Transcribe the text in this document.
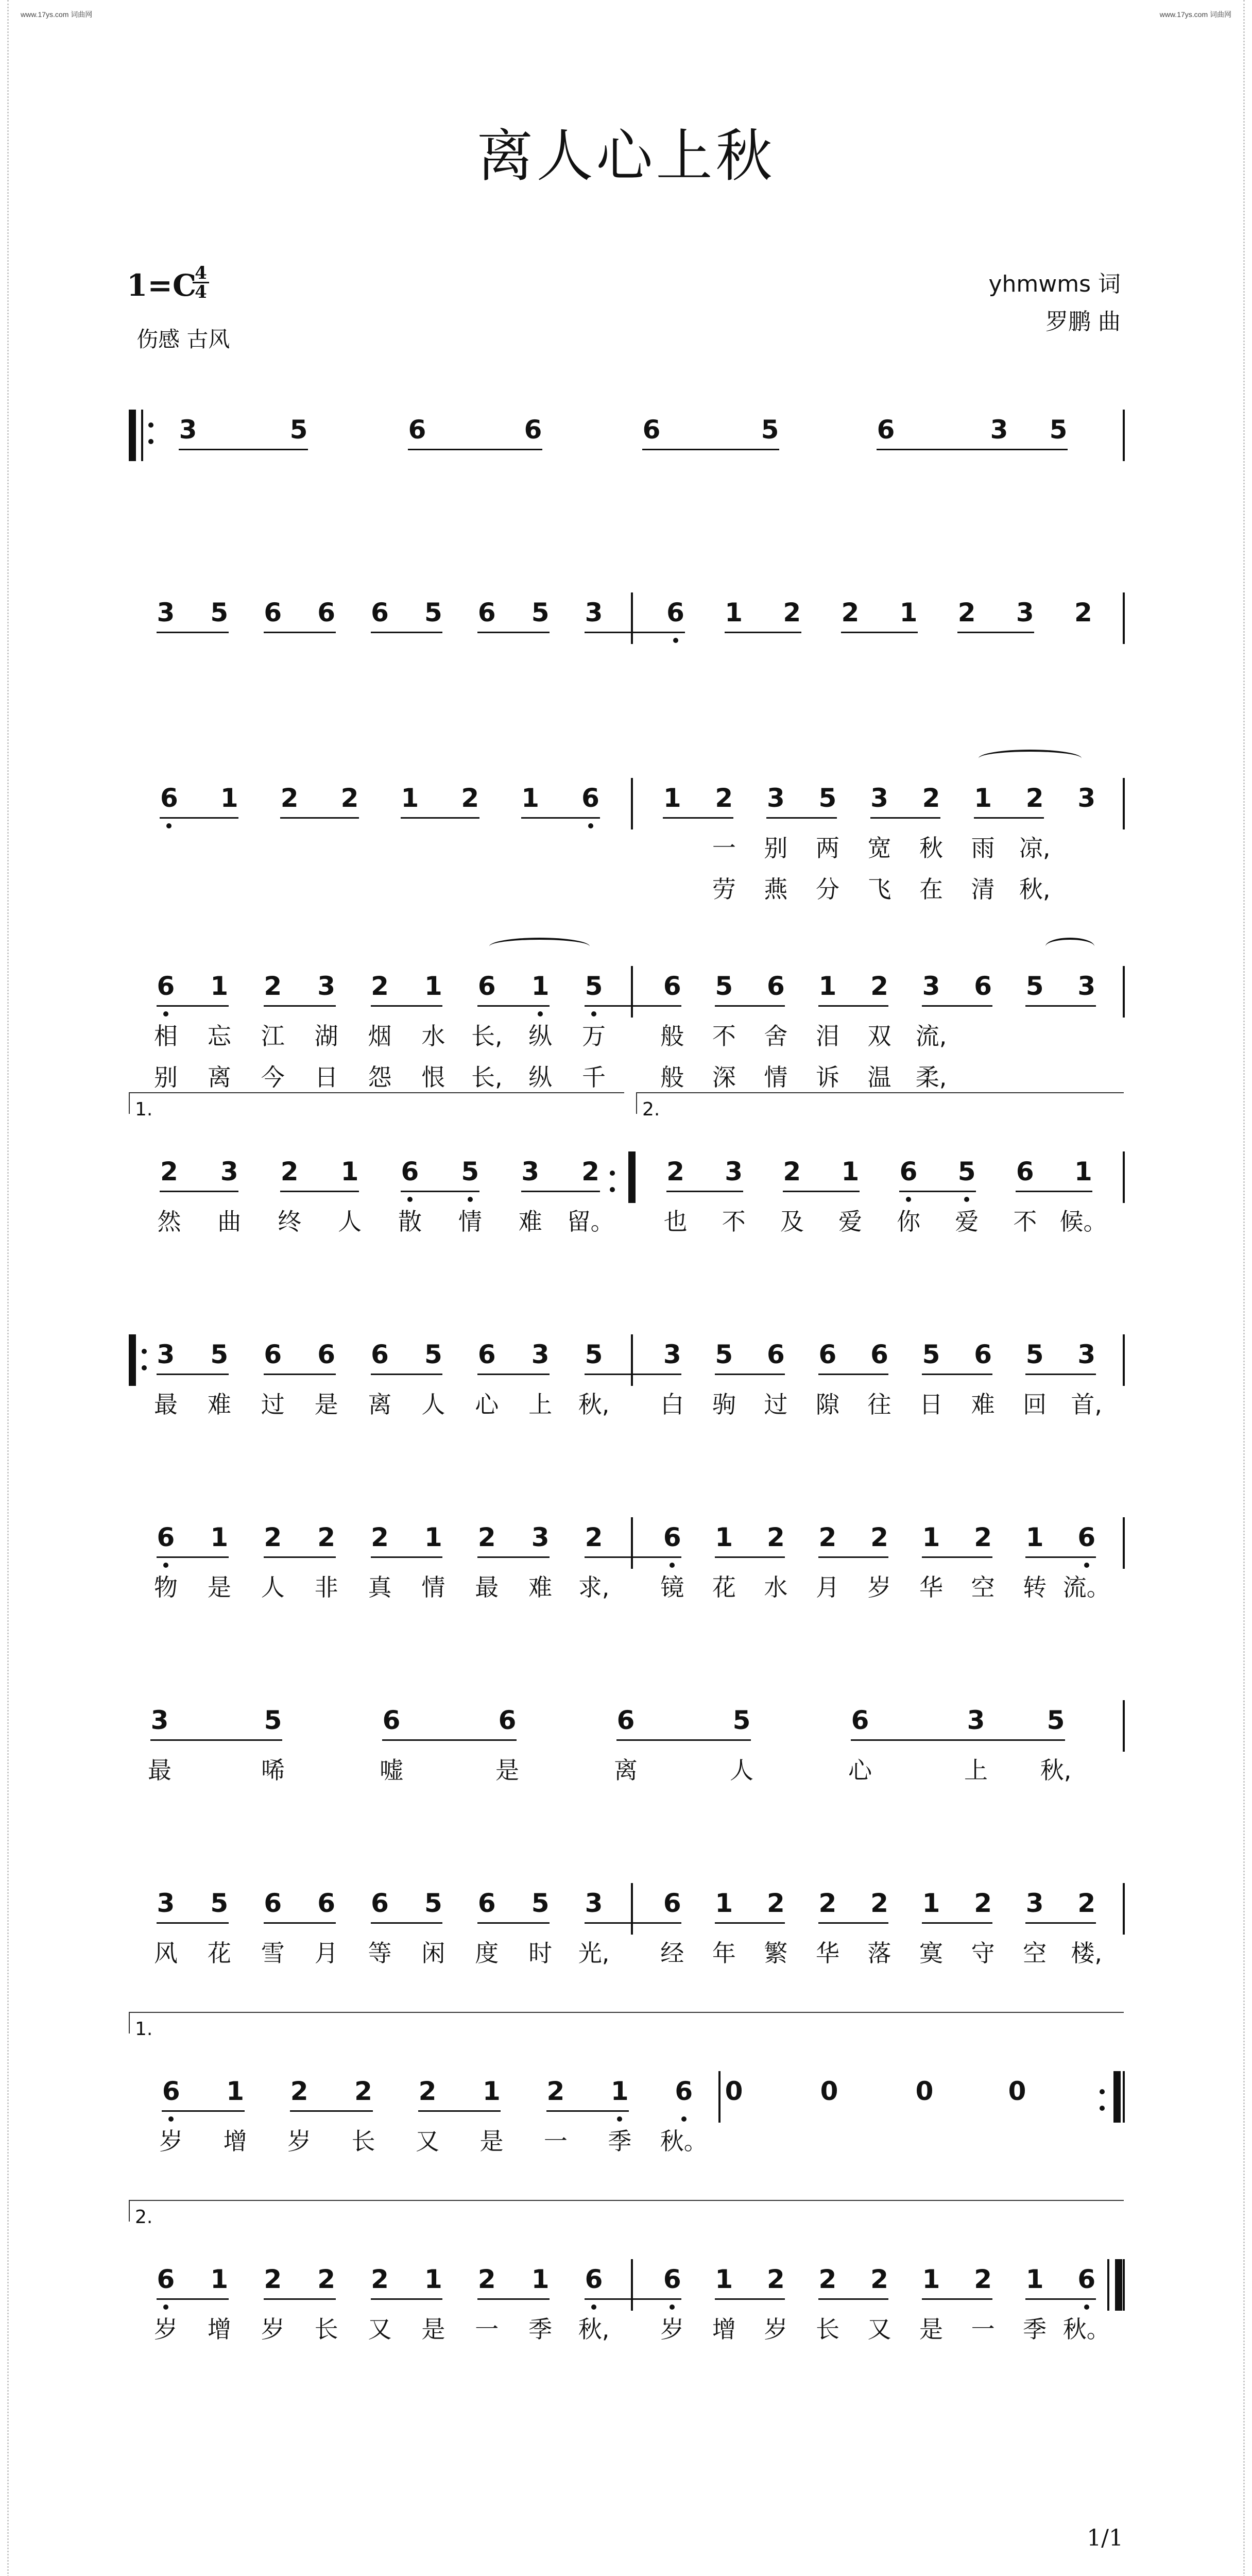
www.17ys.com 词曲网	www.17ys.com 词曲网
离人心上秋
1=C
4
4
伤感 古风
yhmwms 词
罗鹏 曲
3	5	6	6	6	5	6	3 5
3 5 6 6 6 5 6 5 3 6 1 2 2 1 2 3 2
6 1 2 2 1 2 1 6 1 2 3 5 3 2 1 2 3
一 别 两 宽 秋 雨 凉,
劳 燕 分 飞 在 清 秋,
6 1 2 3 2 1 6 1 5 6 5 6 1 2 3 6 5 3
相 忘 江 湖 烟 水 长, 纵 万 般 不 舍 泪 双 流,
别 离 今 日 怨 恨 长, 纵 千 般 深 情 诉 温 柔,
2 3 2 1 6 5 3 2	2 3 2 1 6 5 6 1
然 曲 终 人 散 情 难 留。 也 不 及 爱 你 爱 不 候。
1.	2.
3 5 6 6 6 5 6 3 5 3 5 6 6 6 5 6 5 3
最 难 过 是 离 人 心 上 秋, 白 驹 过 隙 往 日 难 回 首,
6 1 2 2 2 1 2 3 2 6 1 2 2 2 1 2 1 6
物 是 人 非 真 情 最 难 求, 镜 花 水 月 岁 华 空 转 流。
3	5	6	6	6	5	6	3 5
最	唏	嘘	是	离	人	心	上 秋,
3 5 6 6 6 5 6 5 3 6 1 2 2 2 1 2 3 2
风 花 雪 月 等 闲 度 时 光, 经 年 繁 华 落 寞 守 空 楼,
6 1 2 2 2 1 2 1 6 0	0	0	0
岁 增 岁 长 又 是 一 季 秋。
1.
6 1 2 2 2 1 2 1 6 6 1 2 2 2 1 2 1 6
岁 增 岁 长 又 是 一 季 秋, 岁 增 岁 长 又 是 一 季 秋。
2.
1/1
